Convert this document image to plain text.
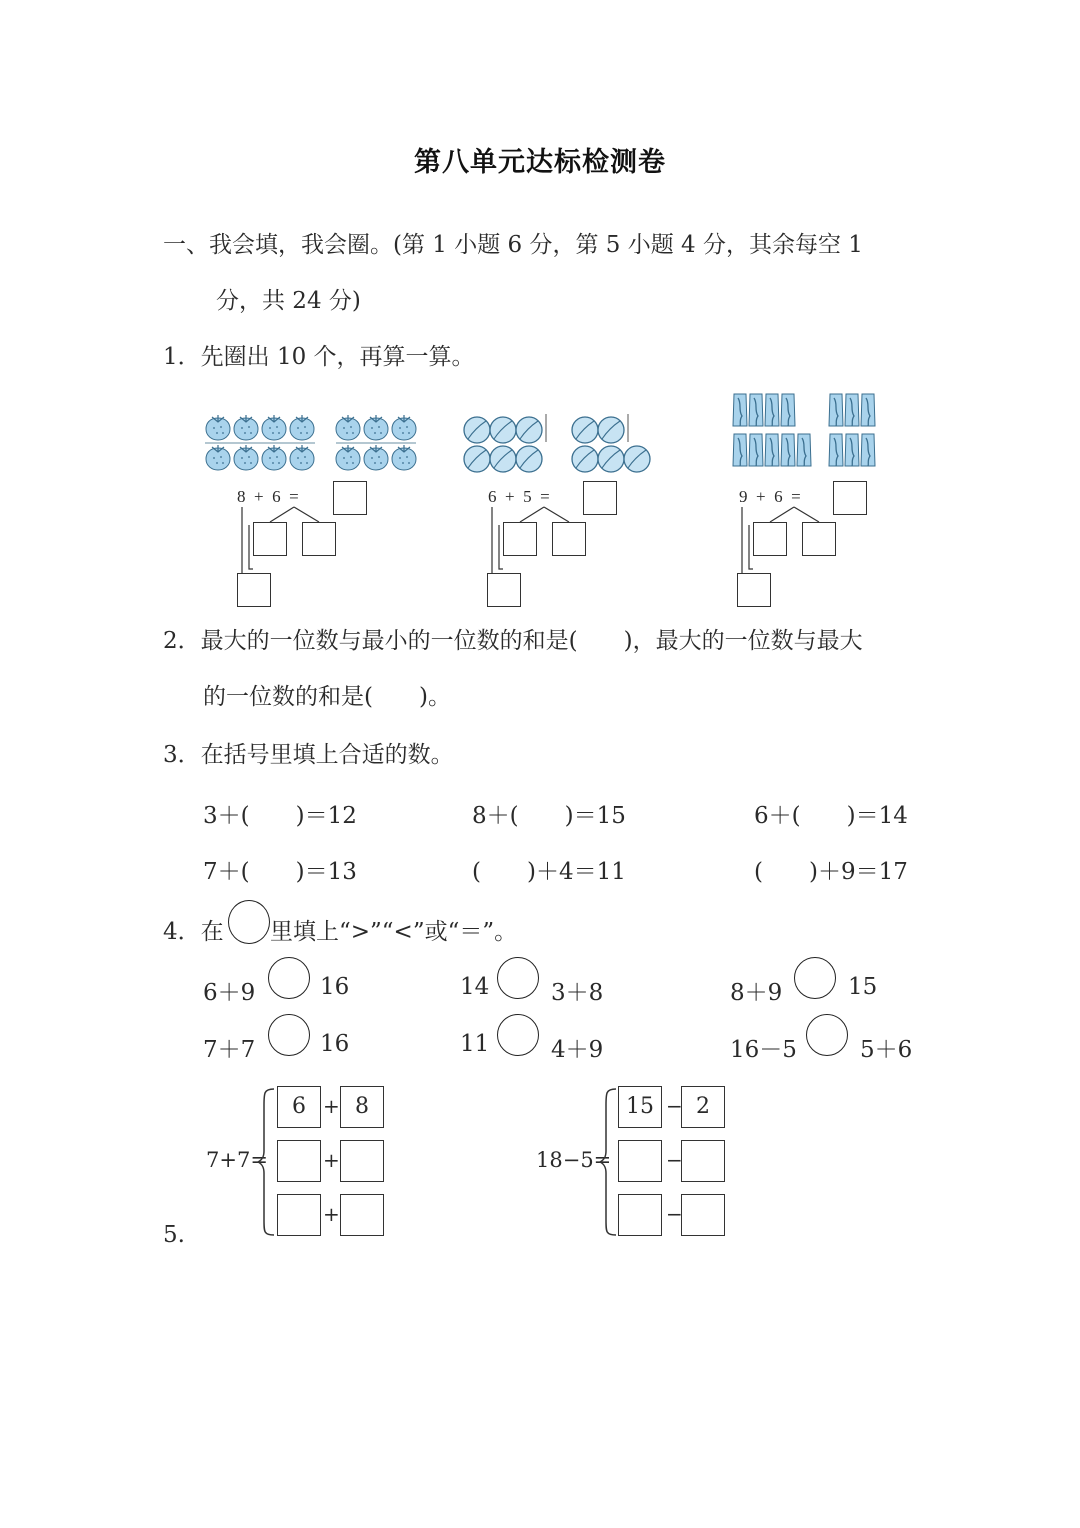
第八单元达标检测卷
一、我会填，我会圈。(第 1 小题 6 分，第 5 小题 4 分，其余每空 1
分，共 24 分)
1．先圈出 10 个，再算一算。
8 + 6 =	6 + 5 =	9 + 6 =
2．最大的一位数与最小的一位数的和是(　　)，最大的一位数与最大
的一位数的和是(　　)。
3．在括号里填上合适的数。
3＋(　　)＝12	8＋(　　)＝15	6＋(　　)＝14
7＋(　　)＝13	(　　)＋4＝11	(　　)＋9＝17
4．在 里填上“>”“<”或“＝”。
6＋9	16	14	3＋8	8＋9	15
7＋7	16	11	4＋9	16－5	5＋6
5.
7+7=
6 + 8
+
+
18−5=
15 − 2
−
−
